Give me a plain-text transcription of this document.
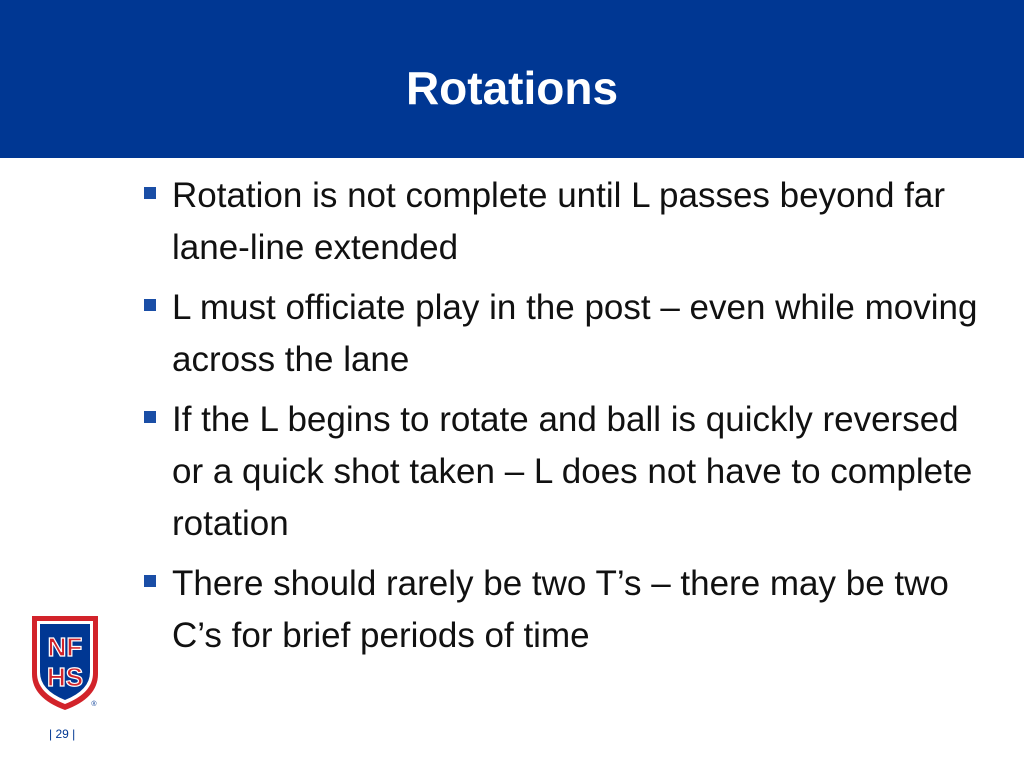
Rotations
Rotation is not complete until L passes beyond far lane-line extended
L must officiate play in the post – even while moving across the lane
If the L begins to rotate and ball is quickly reversed or a quick shot taken – L does not have to complete rotation
There should rarely be two T’s – there may be two C’s for brief periods of time
NF
HS
®
| 29 |
